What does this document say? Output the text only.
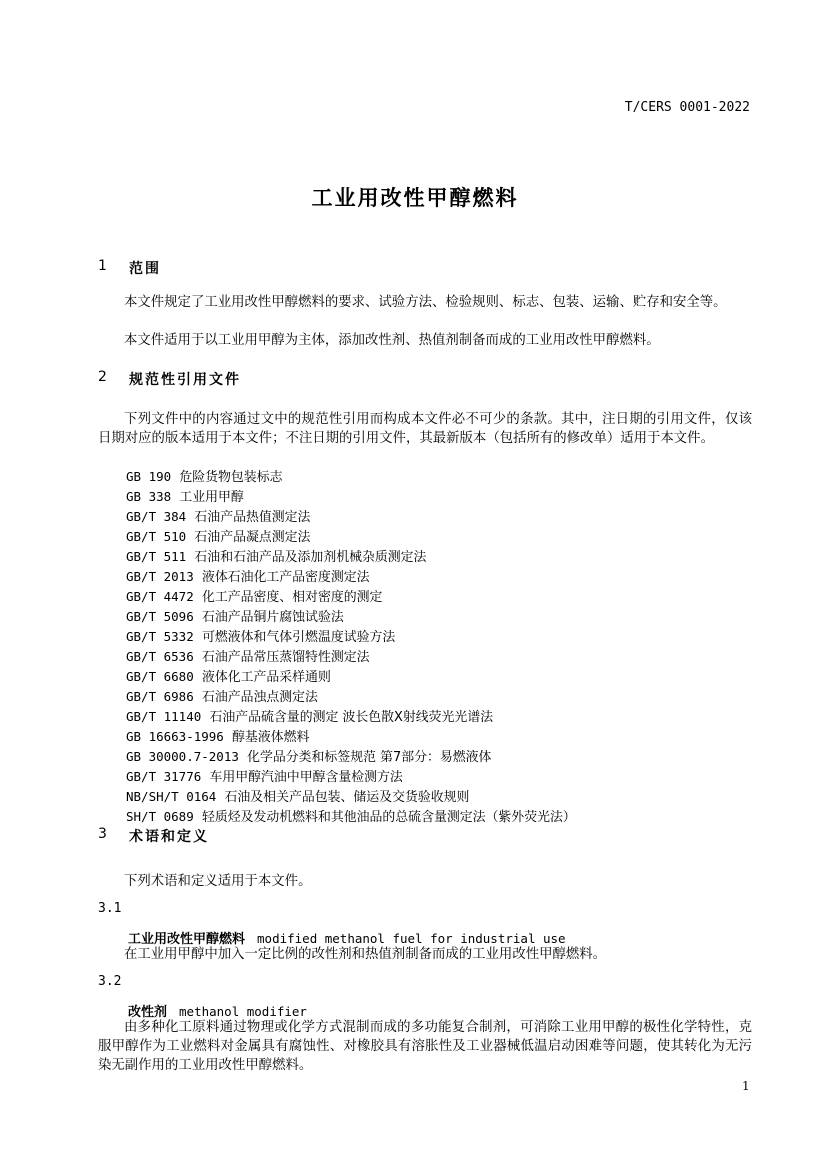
T/CERS 0001-2022
工业用改性甲醇燃料
1	范围

本文件规定了工业用改性甲醇燃料的要求、试验方法、检验规则、标志、包装、运输、贮存和安全等。

本文件适用于以工业用甲醇为主体，添加改性剂、热值剂制备而成的工业用改性甲醇燃料。

2	规范性引用文件

下列文件中的内容通过文中的规范性引用而构成本文件必不可少的条款。其中，注日期的引用文件，仅该日期对应的版本适用于本文件；不注日期的引用文件，其最新版本（包括所有的修改单）适用于本文件。

GB 190 危险货物包装标志
GB 338 工业用甲醇
GB/T 384 石油产品热值测定法
GB/T 510 石油产品凝点测定法
GB/T 511 石油和石油产品及添加剂机械杂质测定法
GB/T 2013 液体石油化工产品密度测定法
GB/T 4472 化工产品密度、相对密度的测定
GB/T 5096 石油产品铜片腐蚀试验法
GB/T 5332 可燃液体和气体引燃温度试验方法
GB/T 6536 石油产品常压蒸馏特性测定法
GB/T 6680 液体化工产品采样通则
GB/T 6986 石油产品浊点测定法
GB/T 11140 石油产品硫含量的测定 波长色散X射线荧光光谱法
GB 16663-1996 醇基液体燃料
GB 30000.7-2013 化学品分类和标签规范 第7部分：易燃液体
GB/T 31776 车用甲醇汽油中甲醇含量检测方法
NB/SH/T 0164 石油及相关产品包装、储运及交货验收规则
SH/T 0689 轻质烃及发动机燃料和其他油品的总硫含量测定法（紫外荧光法）
3	术语和定义

下列术语和定义适用于本文件。

3.1
工业用改性甲醇燃料 modified methanol fuel for industrial use

在工业用甲醇中加入一定比例的改性剂和热值剂制备而成的工业用改性甲醇燃料。

3.2
改性剂 methanol modifier

由多种化工原料通过物理或化学方式混制而成的多功能复合制剂，可消除工业用甲醇的极性化学特性，克服甲醇作为工业燃料对金属具有腐蚀性、对橡胶具有溶胀性及工业器械低温启动困难等问题，使其转化为无污染无副作用的工业用改性甲醇燃料。

1
